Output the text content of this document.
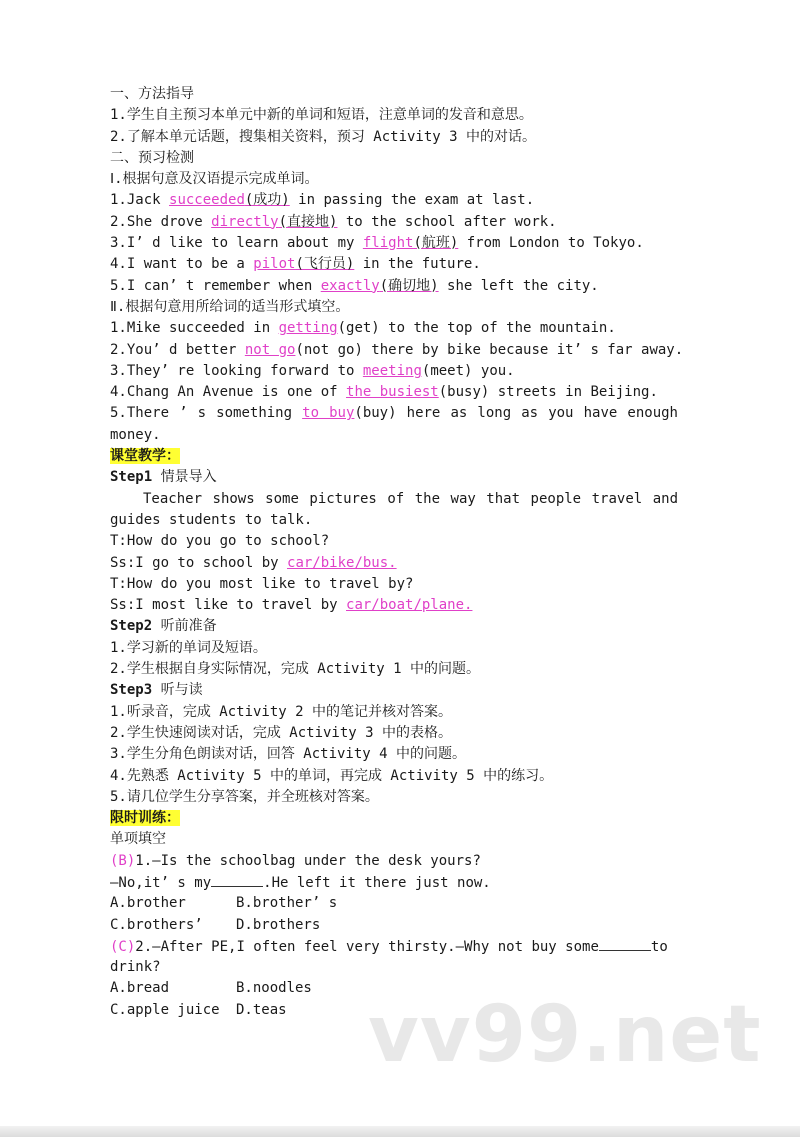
一、方法指导
1.学生自主预习本单元中新的单词和短语，注意单词的发音和意思。
2.了解本单元话题，搜集相关资料，预习 Activity 3 中的对话。
二、预习检测
Ⅰ.根据句意及汉语提示完成单词。
1.Jack succeeded(成功) in passing the exam at last.
2.She drove directly(直接地) to the school after work.
3.I’ d like to learn about my flight(航班) from London to Tokyo.
4.I want to be a pilot(飞行员) in the future.
5.I can’ t remember when exactly(确切地) she left the city.
Ⅱ.根据句意用所给词的适当形式填空。
1.Mike succeeded in getting(get) to the top of the mountain.
2.You’ d better not go(not go) there by bike because it’ s far away.
3.They’ re looking forward to meeting(meet) you.
4.Chang An Avenue is one of the busiest(busy) streets in Beijing.
5.There ’ s something to buy(buy) here as long as you have enough
money.
课堂教学：
Step1 情景导入
Teacher shows some pictures of the way that people travel and guides students to talk.
T:How do you go to school?
Ss:I go to school by car/bike/bus.
T:How do you most like to travel by?
Ss:I most like to travel by car/boat/plane.
Step2 听前准备
1.学习新的单词及短语。
2.学生根据自身实际情况，完成 Activity 1 中的问题。
Step3 听与读
1.听录音，完成 Activity 2 中的笔记并核对答案。
2.学生快速阅读对话，完成 Activity 3 中的表格。
3.学生分角色朗读对话，回答 Activity 4 中的问题。
4.先熟悉 Activity 5 中的单词，再完成 Activity 5 中的练习。
5.请几位学生分享答案，并全班核对答案。
限时训练：
单项填空
(B)1.—Is the schoolbag under the desk yours?
—No,it’ s my	.He left it there just now.
A.brother	B.brother’ s
C.brothers’ D.brothers
(C)2.—After PE,I often feel very thirsty.—Why not buy some	to
drink?
A.bread	B.noodles
C.apple juice D.teas	vv99.net
